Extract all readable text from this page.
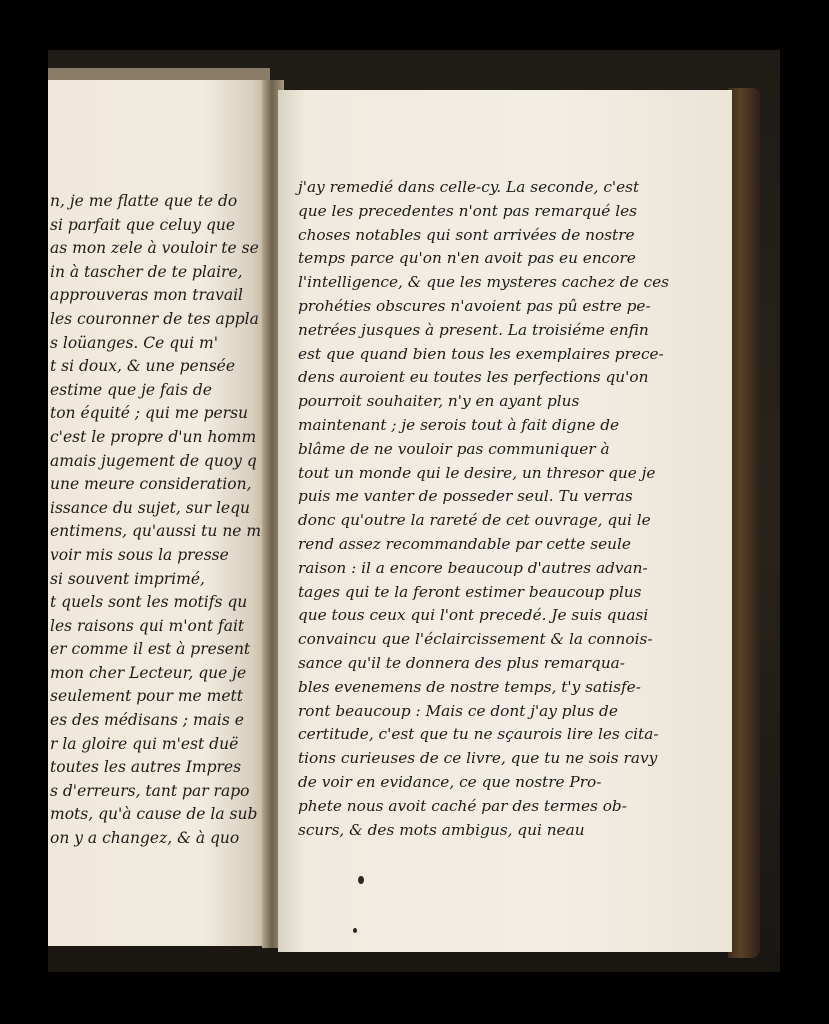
n, je me flatte que te do
si parfait que celuy que
as mon zele à vouloir te se
in à tascher de te plaire,
approuveras mon travail
les couronner de tes appla
s loüanges. Ce qui m'
t si doux, & une pensée
estime que je fais de
ton équité ; qui me persu
c'est le propre d'un homm
amais jugement de quoy q
une meure consideration,
issance du sujet, sur lequ
entimens, qu'aussi tu ne m
voir mis sous la presse
si souvent imprimé,
t quels sont les motifs qu
les raisons qui m'ont fait
er comme il est à present
mon cher Lecteur, que je
seulement pour me mett
es des médisans ; mais e
r la gloire qui m'est duë
toutes les autres Impres
s d'erreurs, tant par rapo
mots, qu'à cause de la sub
on y a changez, & à quo
j'ay remedié dans celle-cy. La seconde, c'est
que les precedentes n'ont pas remarqué les
choses notables qui sont arrivées de nostre
temps parce qu'on n'en avoit pas eu encore
l'intelligence, & que les mysteres cachez de ces
prohéties obscures n'avoient pas pû estre pe-
netrées jusques à present. La troisiéme enfin
est que quand bien tous les exemplaires prece-
dens auroient eu toutes les perfections qu'on
pourroit souhaiter, n'y en ayant plus
maintenant ; je serois tout à fait digne de
blâme de ne vouloir pas communiquer à
tout un monde qui le desire, un thresor que je
puis me vanter de posseder seul. Tu verras
donc qu'outre la rareté de cet ouvrage, qui le
rend assez recommandable par cette seule
raison : il a encore beaucoup d'autres advan-
tages qui te la feront estimer beaucoup plus
que tous ceux qui l'ont precedé. Je suis quasi
convaincu que l'éclaircissement & la connois-
sance qu'il te donnera des plus remarqua-
bles evenemens de nostre temps, t'y satisfe-
ront beaucoup : Mais ce dont j'ay plus de
certitude, c'est que tu ne sçaurois lire les cita-
tions curieuses de ce livre, que tu ne sois ravy
de voir en evidance, ce que nostre Pro-
phete nous avoit caché par des termes ob-
scurs, & des mots ambigus, qui neau
